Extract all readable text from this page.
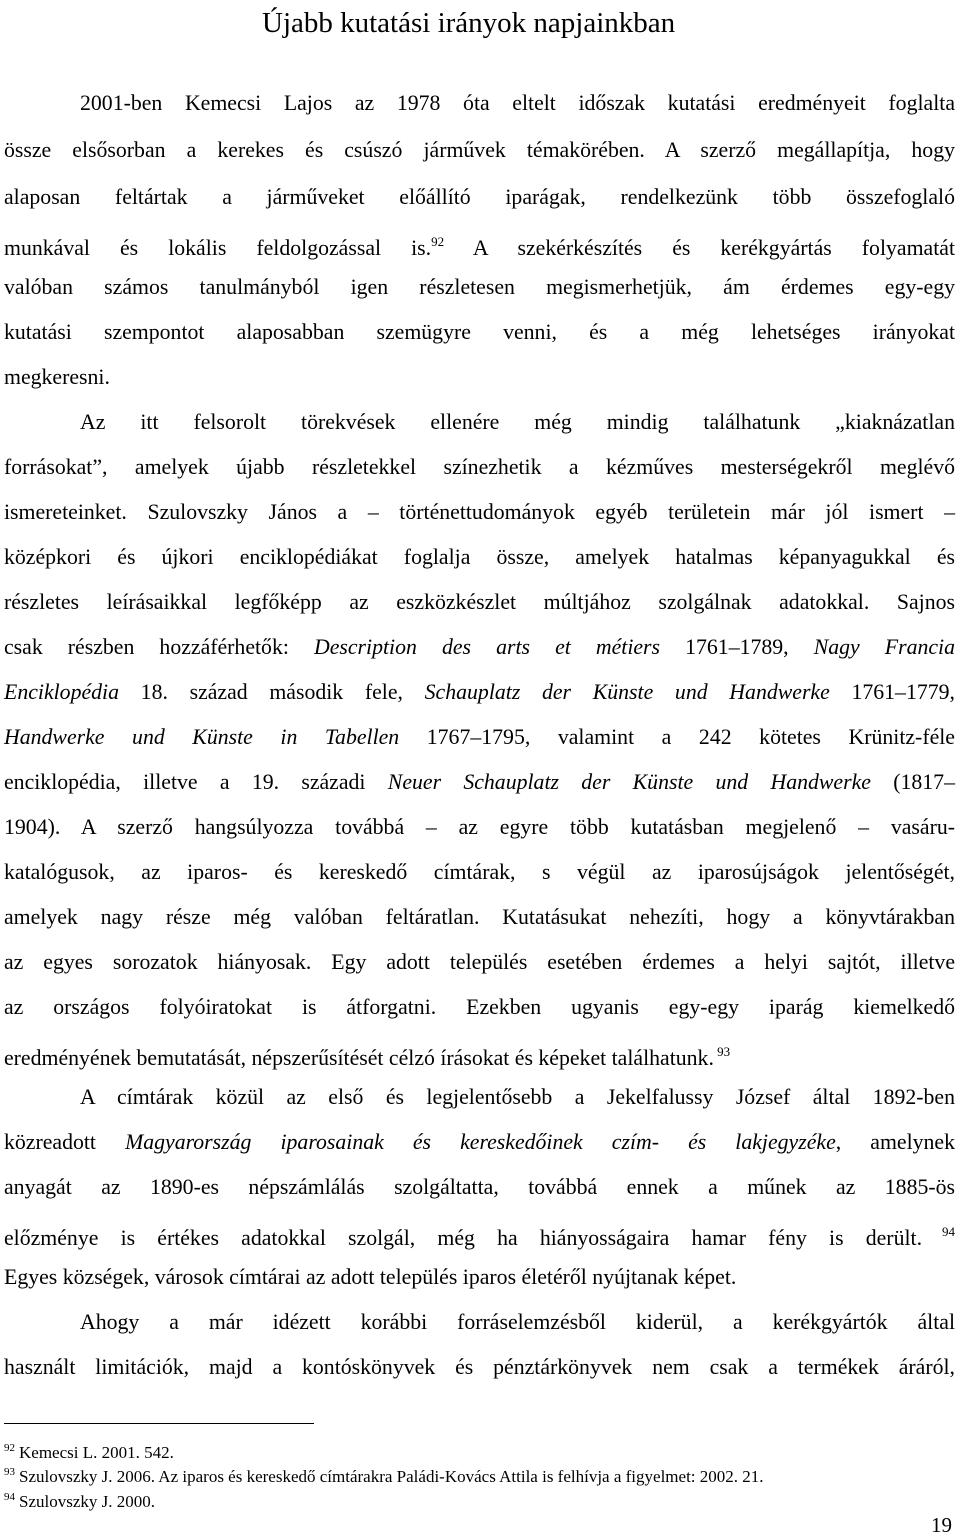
Újabb kutatási irányok napjainkban
2001-ben Kemecsi Lajos az 1978 óta eltelt időszak kutatási eredményeit foglalta
össze elsősorban a kerekes és csúszó járművek témakörében. A szerző megállapítja, hogy
alaposan feltártak a járműveket előállító iparágak, rendelkezünk több összefoglaló
munkával és lokális feldolgozással is.$^{92}$ A szekérkészítés és kerékgyártás folyamatát
valóban számos tanulmányból igen részletesen megismerhetjük, ám érdemes egy-egy
kutatási szempontot alaposabban szemügyre venni, és a még lehetséges irányokat
megkeresni.
Az itt felsorolt törekvések ellenére még mindig találhatunk „kiaknázatlan
forrásokat”, amelyek újabb részletekkel színezhetik a kézműves mesterségekről meglévő
ismereteinket. Szulovszky János a – történettudományok egyéb területein már jól ismert –
középkori és újkori enciklopédiákat foglalja össze, amelyek hatalmas képanyagukkal és
részletes leírásaikkal legfőképp az eszközkészlet múltjához szolgálnak adatokkal. Sajnos
csak részben hozzáférhetők: Description des arts et métiers 1761–1789, Nagy Francia
Enciklopédia 18. század második fele, Schauplatz der Künste und Handwerke 1761–1779,
Handwerke und Künste in Tabellen 1767–1795, valamint a 242 kötetes Krünitz-féle
enciklopédia, illetve a 19. századi Neuer Schauplatz der Künste und Handwerke (1817–
1904). A szerző hangsúlyozza továbbá – az egyre több kutatásban megjelenő – vasáru-
katalógusok, az iparos- és kereskedő címtárak, s végül az iparosújságok jelentőségét,
amelyek nagy része még valóban feltáratlan. Kutatásukat nehezíti, hogy a könyvtárakban
az egyes sorozatok hiányosak. Egy adott település esetében érdemes a helyi sajtót, illetve
az országos folyóiratokat is átforgatni. Ezekben ugyanis egy-egy iparág kiemelkedő
eredményének bemutatását, népszerűsítését célzó írásokat és képeket találhatunk. $^{93}$
A címtárak közül az első és legjelentősebb a Jekelfalussy József által 1892-ben
közreadott Magyarország iparosainak és kereskedőinek czím- és lakjegyzéke, amelynek
anyagát az 1890-es népszámlálás szolgáltatta, továbbá ennek a műnek az 1885-ös
előzménye is értékes adatokkal szolgál, még ha hiányosságaira hamar fény is derült. $^{94}$
Egyes községek, városok címtárai az adott település iparos életéről nyújtanak képet.
Ahogy a már idézett korábbi forráselemzésből kiderül, a kerékgyártók által
használt limitációk, majd a kontóskönyvek és pénztárkönyvek nem csak a termékek áráról,
$^{92}$ Kemecsi L. 2001. 542.
$^{93}$ Szulovszky J. 2006. Az iparos és kereskedő címtárakra Paládi-Kovács Attila is felhívja a figyelmet: 2002. 21.
$^{94}$ Szulovszky J. 2000.
19
